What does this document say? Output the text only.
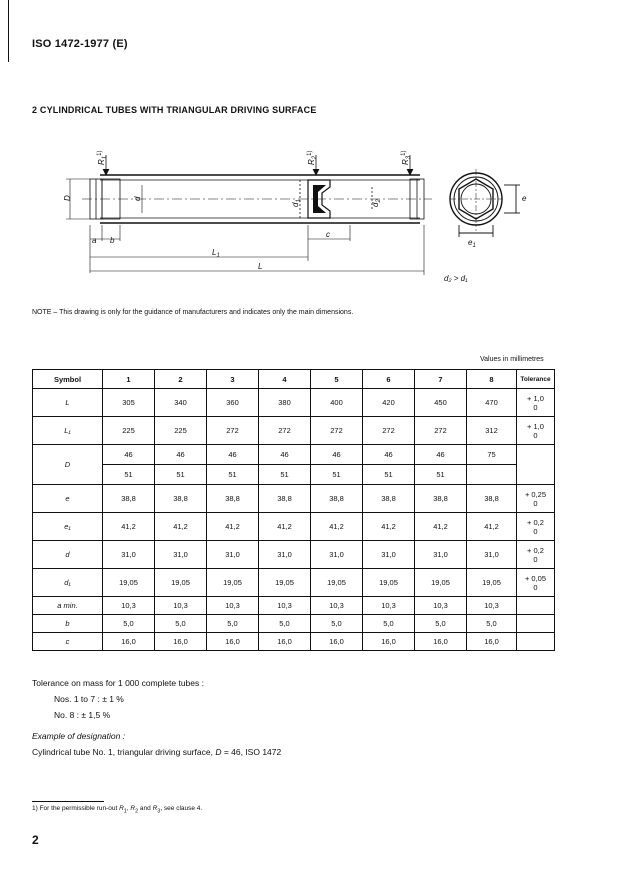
ISO 1472-1977 (E)
2 CYLINDRICAL TUBES WITH TRIANGULAR DRIVING SURFACE
$R_1^{1)}$
$R_2^{1)}$
$R_3^{1)}$
D	d
$d_1$
$d_2$
a b
c
$L_1$
L
e
$e_1$
d₂ > d₁
NOTE – This drawing is only for the guidance of manufacturers and indicates only the main dimensions.
Values in millimetres
Symbol	1	2	3	4	5	6	7	8	Tolerance
L	305	340	360	380	400	420	450	470	+ 1,0
0

L₁	225	225	272	272	272	272	272	312	+ 1,0
0

D	46	46	46	46	46	46	46	75	

	51	51	51	51	51	51	51		
e	38,8	38,8	38,8	38,8	38,8	38,8	38,8	38,8	+ 0,25
0

e₁	41,2	41,2	41,2	41,2	41,2	41,2	41,2	41,2	+ 0,2
0

d	31,0	31,0	31,0	31,0	31,0	31,0	31,0	31,0	+ 0,2
0

d₁	19,05	19,05	19,05	19,05	19,05	19,05	19,05	19,05	+ 0,05
0

a min.	10,3	10,3	10,3	10,3	10,3	10,3	10,3	10,3	

b	5,0	5,0	5,0	5,0	5,0	5,0	5,0	5,0	

c	16,0	16,0	16,0	16,0	16,0	16,0	16,0	16,0	
Tolerance on mass for 1 000 complete tubes :
Nos. 1 to 7 : ± 1 %
No. 8 : ± 1,5 %
Example of designation :
Cylindrical tube No. 1, triangular driving surface, D = 46, ISO 1472
1) For the permissible run-out $R_1$, $R_2$ and $R_3$, see clause 4.
2
